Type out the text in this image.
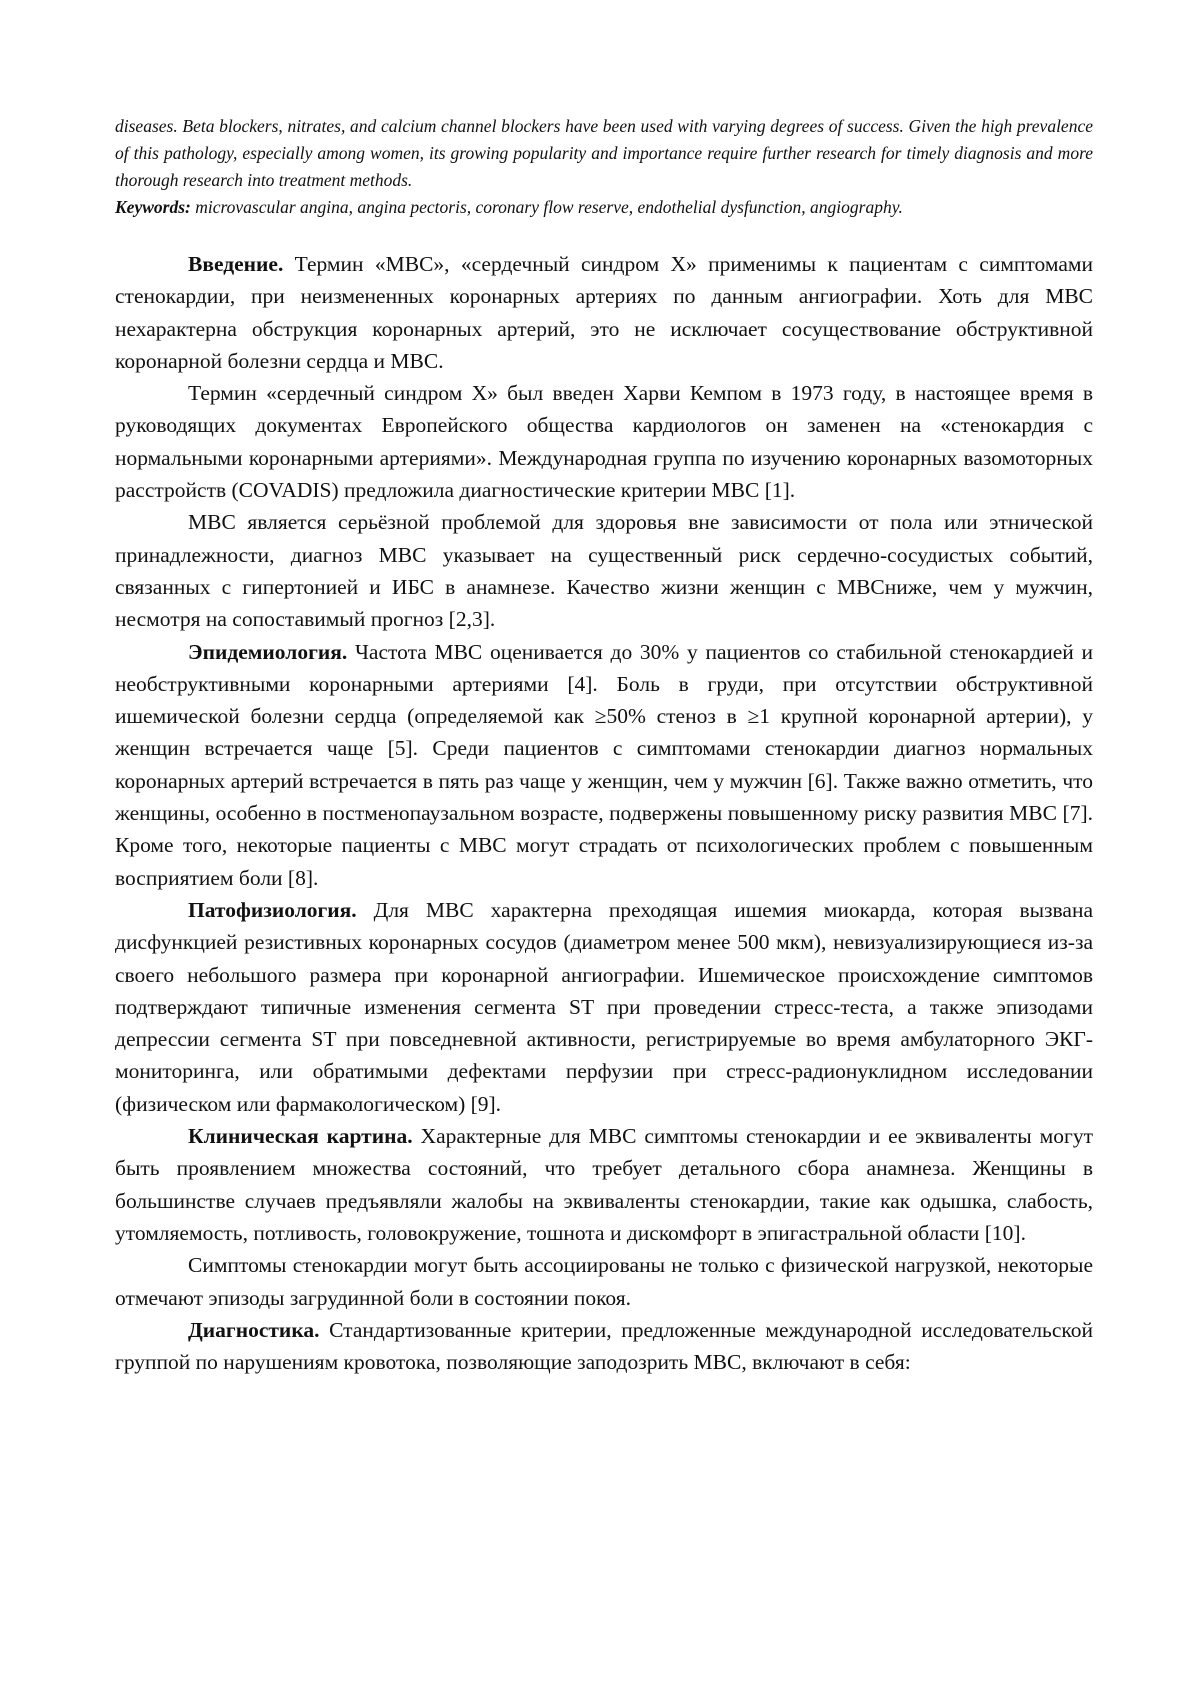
diseases. Beta blockers, nitrates, and calcium channel blockers have been used with varying degrees of success. Given the high prevalence of this pathology, especially among women, its growing popularity and importance require further research for timely diagnosis and more thorough research into treatment methods.

Keywords: microvascular angina, angina pectoris, coronary flow reserve, endothelial dysfunction, angiography.

Введение. Термин «МВС», «сердечный синдром Х» применимы к пациентам с симптомами стенокардии, при неизмененных коронарных артериях по данным ангиографии. Хоть для МВС нехарактерна обструкция коронарных артерий, это не исключает сосуществование обструктивной коронарной болезни сердца и МВС.

Термин «сердечный синдром Х» был введен Харви Кемпом в 1973 году, в настоящее время в руководящих документах Европейского общества кардиологов он заменен на «стенокардия с нормальными коронарными артериями». Международная группа по изучению коронарных вазомоторных расстройств (COVADIS) предложила диагностические критерии МВС [1].

МВС является серьёзной проблемой для здоровья вне зависимости от пола или этнической принадлежности, диагноз МВС указывает на существенный риск сердечно-сосудистых событий, связанных с гипертонией и ИБС в анамнезе. Качество жизни женщин с МВСниже, чем у мужчин, несмотря на сопоставимый прогноз [2,3].

Эпидемиология. Частота МВС оценивается до 30% у пациентов со стабильной стенокардией и необструктивными коронарными артериями [4]. Боль в груди, при отсутствии обструктивной ишемической болезни сердца (определяемой как ≥50% стеноз в ≥1 крупной коронарной артерии), у женщин встречается чаще [5]. Среди пациентов с симптомами стенокардии диагноз нормальных коронарных артерий встречается в пять раз чаще у женщин, чем у мужчин [6]. Также важно отметить, что женщины, особенно в постменопаузальном возрасте, подвержены повышенному риску развития МВС [7]. Кроме того, некоторые пациенты с МВС могут страдать от психологических проблем с повышенным восприятием боли [8].

Патофизиология. Для МВС характерна преходящая ишемия миокарда, которая вызвана дисфункцией резистивных коронарных сосудов (диаметром менее 500 мкм), невизуализирующиеся из-за своего небольшого размера при коронарной ангиографии. Ишемическое происхождение симптомов подтверждают типичные изменения сегмента ST при проведении стресс-теста, а также эпизодами депрессии сегмента ST при повседневной активности, регистрируемые во время амбулаторного ЭКГ-мониторинга, или обратимыми дефектами перфузии при стресс-радионуклидном исследовании (физическом или фармакологическом) [9].

Клиническая картина. Характерные для МВС симптомы стенокардии и ее эквиваленты могут быть проявлением множества состояний, что требует детального сбора анамнеза. Женщины в большинстве случаев предъявляли жалобы на эквиваленты стенокардии, такие как одышка, слабость, утомляемость, потливость, головокружение, тошнота и дискомфорт в эпигастральной области [10].

Симптомы стенокардии могут быть ассоциированы не только с физической нагрузкой, некоторые отмечают эпизоды загрудинной боли в состоянии покоя.

Диагностика. Стандартизованные критерии, предложенные международной исследовательской группой по нарушениям кровотока, позволяющие заподозрить МВС, включают в себя:
